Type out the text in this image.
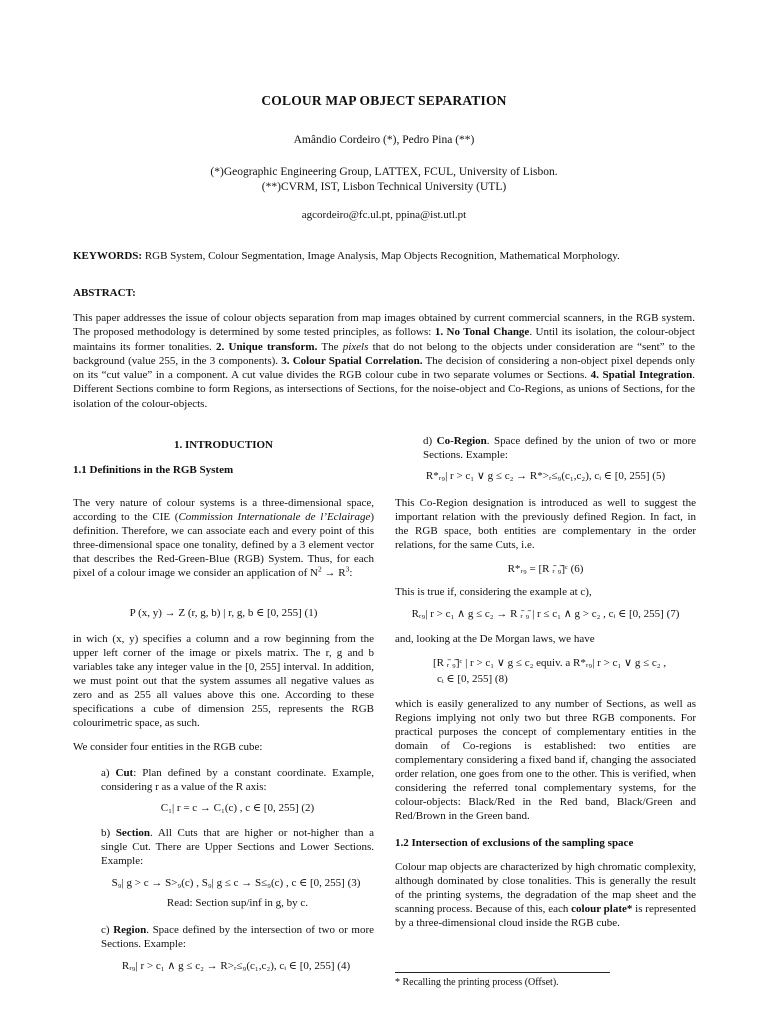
COLOUR MAP OBJECT SEPARATION
Amândio Cordeiro (*), Pedro Pina (**)
(*)Geographic Engineering Group, LATTEX, FCUL, University of Lisbon.
(**)CVRM, IST, Lisbon Technical University (UTL)
agcordeiro@fc.ul.pt, ppina@ist.utl.pt
KEYWORDS: RGB System, Colour Segmentation, Image Analysis, Map Objects Recognition, Mathematical Morphology.
ABSTRACT:
This paper addresses the issue of colour objects separation from map images obtained by current commercial scanners, in the RGB system. The proposed methodology is determined by some tested principles, as follows: 1. No Tonal Change. Until its isolation, the colour-object maintains its former tonalities. 2. Unique transform. The pixels that do not belong to the objects under consideration are “sent” to the background (value 255, in the 3 components). 3. Colour Spatial Correlation. The decision of considering a non-object pixel depends only on its “cut value” in a component. A cut value divides the RGB colour cube in two separate volumes or Sections. 4. Spatial Integration. Different Sections combine to form Regions, as intersections of Sections, for the noise-object and Co-Regions, as unions of Sections, for the isolation of the colour-objects.
1. INTRODUCTION
1.1 Definitions in the RGB System
The very nature of colour systems is a three-dimensional space, according to the CIE (Commission Internationale de l’Eclairage) definition. Therefore, we can associate each and every point of this three-dimensional space one tonality, defined by a 3 element vector that describes the Red-Green-Blue (RGB) System. Thus, for each pixel of a colour image we consider an application of $N^2 \to R^3$:
P (x, y) → Z (r, g, b) | r, g, b ∈ [0, 255] (1)
in wich (x, y) specifies a column and a row beginning from the upper left corner of the image or pixels matrix. The r, g and b variables take any integer value in the [0, 255] interval. In addition, we must point out that the system assumes all negative values as zero and as 255 all values above this one. According to these specifications a cube of dimension 255, represents the RGB colourimetric space, as such.
We consider four entities in the RGB cube:
a) Cut: Plan defined by a constant coordinate. Example, considering r as a value of the R axis:
C₁| r = c → C₁(c) , c ∈ [0, 255] (2)
b) Section. All Cuts that are higher or not-higher than a single Cut. There are Upper Sections and Lower Sections. Example:
S₉| g > c → S>₉(c) , S₉| g ≤ c → S≤₉(c) , c ∈ [0, 255] (3)
Read: Section sup/inf in g, by c.
c) Region. Space defined by the intersection of two or more Sections. Example:
Rᵣ₉| r > c₁ ∧ g ≤ c₂ → R>ᵣ≤₉(c₁,c₂), cᵢ ∈ [0, 255] (4)
d) Co-Region. Space defined by the union of two or more Sections. Example:
R*ᵣ₉| r > c₁ ∨ g ≤ c₂ → R*>ᵣ≤₉(c₁,c₂), cᵢ ∈ [0, 255] (5)
This Co-Region designation is introduced as well to suggest the important relation with the previously defined Region. In fact, in the RGB space, both entities are complementary in the order relations, for the same Cuts, i.e.
R*ᵣ₉ = [R ᵣ̄ ₉̄]ᶜ (6)
This is true if, considering the example at c),
Rᵣ₉| r > c₁ ∧ g ≤ c₂ → R ᵣ̄ ₉̄ | r ≤ c₁ ∧ g > c₂ , cᵢ ∈ [0, 255] (7)
and, looking at the De Morgan laws, we have
[R ᵣ̄ ₉̄]ᶜ | r > c₁ ∨ g ≤ c₂ equiv. a R*ᵣ₉| r > c₁ ∨ g ≤ c₂ ,
cᵢ ∈ [0, 255] (8)
which is easily generalized to any number of Sections, as well as Regions implying not only two but three RGB components. For practical purposes the concept of complementary entities in the domain of Co-regions is established: two entities are complementary considering a fixed band if, changing the associated order relation, one goes from one to the other. This is verified, when considering the referred tonal complementary systems, for the colour-objects: Black/Red in the Red band, Black/Green and Red/Brown in the Green band.
1.2 Intersection of exclusions of the sampling space
Colour map objects are characterized by high chromatic complexity, although dominated by close tonalities. This is generally the result of the printing systems, the degradation of the map sheet and the scanning process. Because of this, each colour plate* is represented by a three-dimensional cloud inside the RGB cube.
* Recalling the printing process (Offset).
